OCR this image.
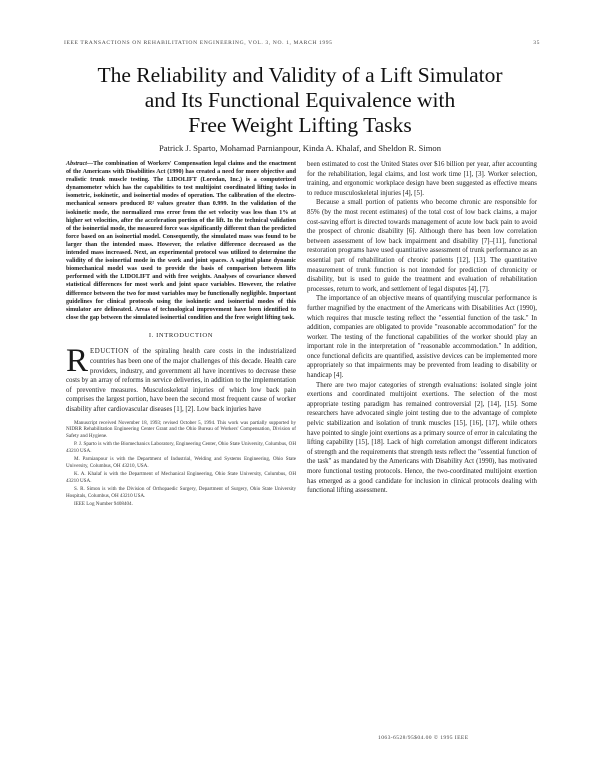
IEEE TRANSACTIONS ON REHABILITATION ENGINEERING, VOL. 3, NO. 1, MARCH 1995	35
The Reliability and Validity of a Lift Simulator
and Its Functional Equivalence with
Free Weight Lifting Tasks
Patrick J. Sparto, Mohamad Parnianpour, Kinda A. Khalaf, and Sheldon R. Simon

Abstract—The combination of Workers' Compensation legal claims and the enactment of the Americans with Disabilities Act (1990) has created a need for more objective and realistic trunk muscle testing. The LIDOLIFT (Loredan, Inc.) is a computerized dynamometer which has the capabilities to test multijoint coordinated lifting tasks in isometric, isokinetic, and isoinertial modes of operation. The calibration of the electro-mechanical sensors produced R² values greater than 0.999. In the validation of the isokinetic mode, the normalized rms error from the set velocity was less than 1% at higher set velocities, after the acceleration portion of the lift. In the technical validation of the isoinertial mode, the measured force was significantly different than the predicted force based on an isoinertial model. Consequently, the simulated mass was found to be larger than the intended mass. However, the relative difference decreased as the intended mass increased. Next, an experimental protocol was utilized to determine the validity of the isoinertial mode in the work and joint spaces. A sagittal plane dynamic biomechanical model was used to provide the basis of comparison between lifts performed with the LIDOLIFT and with free weights. Analyses of covariance showed statistical differences for most work and joint space variables. However, the relative difference between the two for most variables may be functionally negligible. Important guidelines for clinical protocols using the isokinetic and isoinertial modes of this simulator are delineated. Areas of technological improvement have been identified to close the gap between the simulated isoinertial condition and the free weight lifting task.

I. INTRODUCTION

REDUCTION of the spiraling health care costs in the industrialized countries has been one of the major challenges of this decade. Health care providers, industry, and government all have incentives to decrease these costs by an array of reforms in service deliveries, in addition to the implementation of preventive measures. Musculoskeletal injuries of which low back pain comprises the largest portion, have been the second most frequent cause of worker disability after cardiovascular diseases [1], [2]. Low back injuries have

Manuscript received November 18, 1993; revised October 5, 1994. This work was partially supported by NIDRR Rehabilitation Engineering Center Grant and the Ohio Bureau of Workers' Compensation, Division of Safety and Hygiene.

P. J. Sparto is with the Biomechanics Laboratory, Engineering Center, Ohio State University, Columbus, OH 43210 USA.

M. Parnianpour is with the Department of Industrial, Welding and Systems Engineering, Ohio State University, Columbus, OH 43210, USA.

K. A. Khalaf is with the Department of Mechanical Engineering, Ohio State University, Columbus, OH 43210 USA.

S. R. Simon is with the Division of Orthopaedic Surgery, Department of Surgery, Ohio State University Hospitals, Columbus, OH 43210 USA.

IEEE Log Number 9408404.

been estimated to cost the United States over $16 billion per year, after accounting for the rehabilitation, legal claims, and lost work time [1], [3]. Worker selection, training, and ergonomic workplace design have been suggested as effective means to reduce musculoskeletal injuries [4], [5].

Because a small portion of patients who become chronic are responsible for 85% (by the most recent estimates) of the total cost of low back claims, a major cost-saving effort is directed towards management of acute low back pain to avoid the prospect of chronic disability [6]. Although there has been low correlation between assessment of low back impairment and disability [7]–[11], functional restoration programs have used quantitative assessment of trunk performance as an essential part of rehabilitation of chronic patients [12], [13]. The quantitative measurement of trunk function is not intended for prediction of chronicity or disability, but is used to guide the treatment and evaluation of rehabilitation processes, return to work, and settlement of legal disputes [4], [7].

The importance of an objective means of quantifying muscular performance is further magnified by the enactment of the Americans with Disabilities Act (1990), which requires that muscle testing reflect the "essential function of the task." In addition, companies are obligated to provide "reasonable accommodation" for the worker. The testing of the functional capabilities of the worker should play an important role in the interpretation of "reasonable accommodation." In addition, once functional deficits are quantified, assistive devices can be implemented more appropriately so that impairments may be prevented from leading to disability or handicap [4].

There are two major categories of strength evaluations: isolated single joint exertions and coordinated multijoint exertions. The selection of the most appropriate testing paradigm has remained controversial [2], [14], [15]. Some researchers have advocated single joint testing due to the advantage of complete pelvic stabilization and isolation of trunk muscles [15], [16], [17], while others have pointed to single joint exertions as a primary source of error in calculating the lifting capability [15], [18]. Lack of high correlation amongst different indicators of strength and the requirements that strength tests reflect the "essential function of the task" as mandated by the Americans with Disability Act (1990), has motivated more functional testing protocols. Hence, the two-coordinated multijoint exertion has emerged as a good candidate for inclusion in clinical protocols dealing with functional lifting assessment.

1063-6528/95$04.00 © 1995 IEEE
